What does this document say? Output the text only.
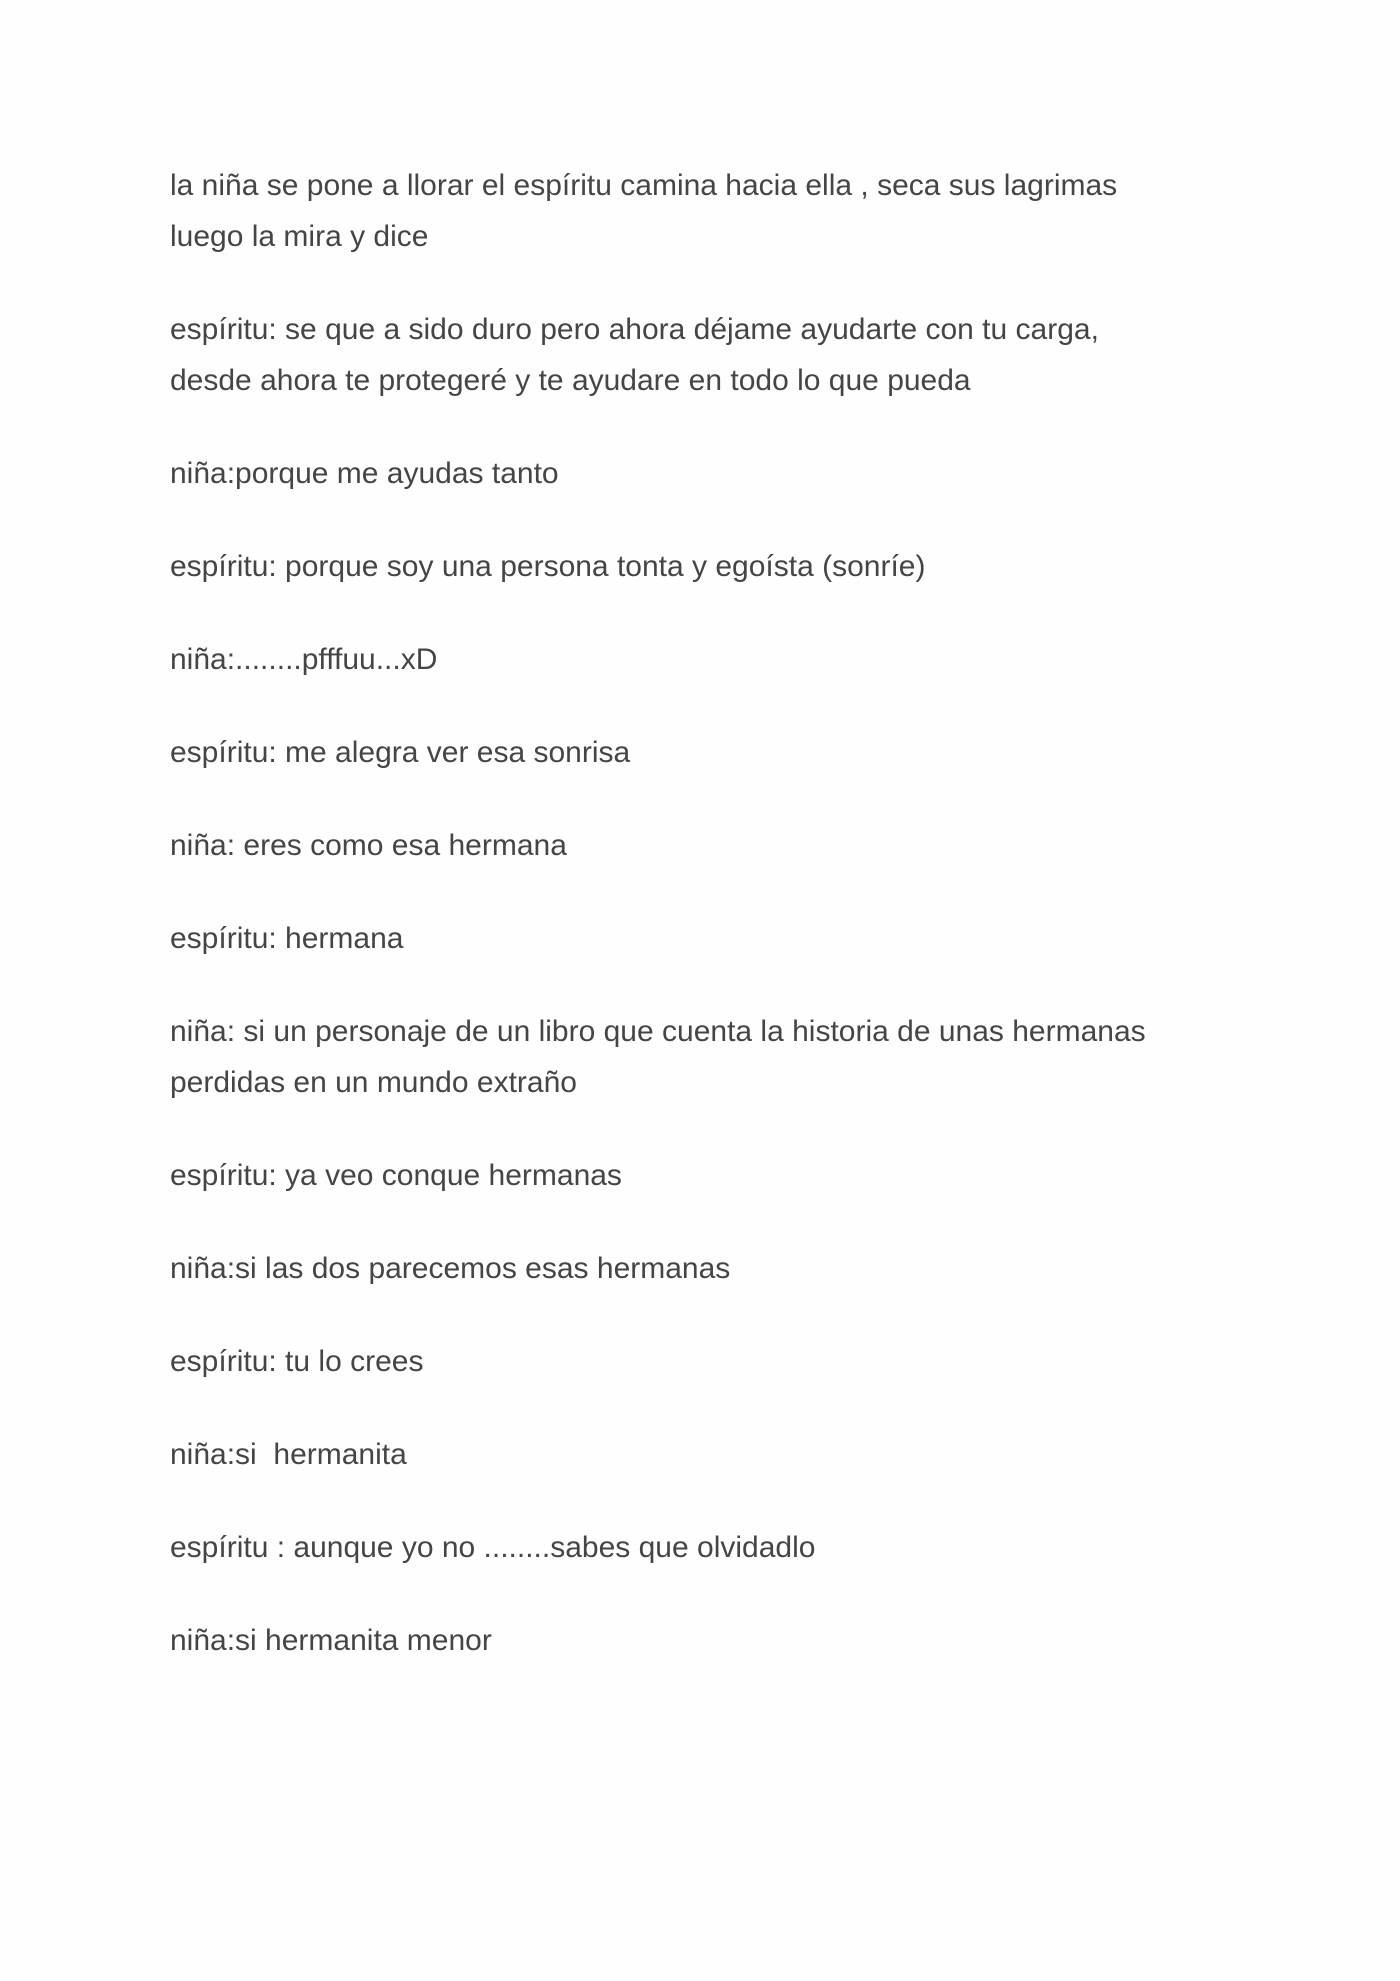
la niña se pone a llorar el espíritu camina hacia ella , seca sus lagrimas
luego la mira y dice

espíritu: se que a sido duro pero ahora déjame ayudarte con tu carga,
desde ahora te protegeré y te ayudare en todo lo que pueda

niña:porque me ayudas tanto

espíritu: porque soy una persona tonta y egoísta (sonríe)

niña:........pfffuu...xD

espíritu: me alegra ver esa sonrisa

niña: eres como esa hermana

espíritu: hermana

niña: si un personaje de un libro que cuenta la historia de unas hermanas
perdidas en un mundo extraño

espíritu: ya veo conque hermanas

niña:si las dos parecemos esas hermanas

espíritu: tu lo crees

niña:si  hermanita

espíritu : aunque yo no ........sabes que olvidadlo

niña:si hermanita menor
